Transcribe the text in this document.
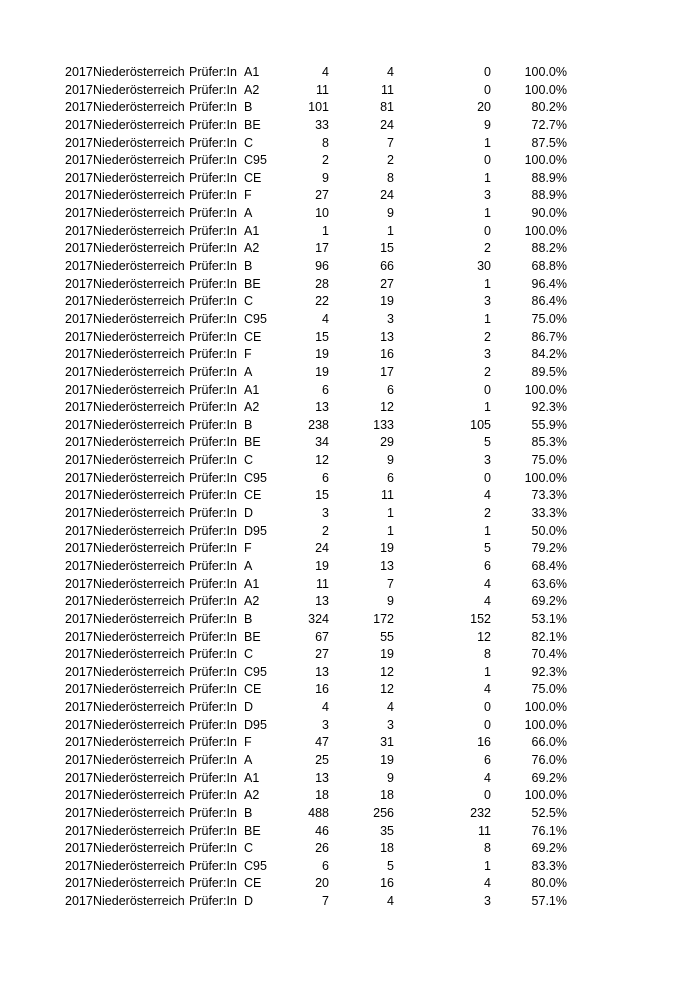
2017 Niederösterreich Prüfer:In A1	4	4	0	100.0%
2017 Niederösterreich Prüfer:In A2	11	11	0	100.0%
2017 Niederösterreich Prüfer:In B	101	81	20	80.2%
2017 Niederösterreich Prüfer:In BE	33	24	9	72.7%
2017 Niederösterreich Prüfer:In C	8	7	1	87.5%
2017 Niederösterreich Prüfer:In C95	2	2	0	100.0%
2017 Niederösterreich Prüfer:In CE	9	8	1	88.9%
2017 Niederösterreich Prüfer:In F	27	24	3	88.9%
2017 Niederösterreich Prüfer:In A	10	9	1	90.0%
2017 Niederösterreich Prüfer:In A1	1	1	0	100.0%
2017 Niederösterreich Prüfer:In A2	17	15	2	88.2%
2017 Niederösterreich Prüfer:In B	96	66	30	68.8%
2017 Niederösterreich Prüfer:In BE	28	27	1	96.4%
2017 Niederösterreich Prüfer:In C	22	19	3	86.4%
2017 Niederösterreich Prüfer:In C95	4	3	1	75.0%
2017 Niederösterreich Prüfer:In CE	15	13	2	86.7%
2017 Niederösterreich Prüfer:In F	19	16	3	84.2%
2017 Niederösterreich Prüfer:In A	19	17	2	89.5%
2017 Niederösterreich Prüfer:In A1	6	6	0	100.0%
2017 Niederösterreich Prüfer:In A2	13	12	1	92.3%
2017 Niederösterreich Prüfer:In B	238	133	105	55.9%
2017 Niederösterreich Prüfer:In BE	34	29	5	85.3%
2017 Niederösterreich Prüfer:In C	12	9	3	75.0%
2017 Niederösterreich Prüfer:In C95	6	6	0	100.0%
2017 Niederösterreich Prüfer:In CE	15	11	4	73.3%
2017 Niederösterreich Prüfer:In D	3	1	2	33.3%
2017 Niederösterreich Prüfer:In D95	2	1	1	50.0%
2017 Niederösterreich Prüfer:In F	24	19	5	79.2%
2017 Niederösterreich Prüfer:In A	19	13	6	68.4%
2017 Niederösterreich Prüfer:In A1	11	7	4	63.6%
2017 Niederösterreich Prüfer:In A2	13	9	4	69.2%
2017 Niederösterreich Prüfer:In B	324	172	152	53.1%
2017 Niederösterreich Prüfer:In BE	67	55	12	82.1%
2017 Niederösterreich Prüfer:In C	27	19	8	70.4%
2017 Niederösterreich Prüfer:In C95	13	12	1	92.3%
2017 Niederösterreich Prüfer:In CE	16	12	4	75.0%
2017 Niederösterreich Prüfer:In D	4	4	0	100.0%
2017 Niederösterreich Prüfer:In D95	3	3	0	100.0%
2017 Niederösterreich Prüfer:In F	47	31	16	66.0%
2017 Niederösterreich Prüfer:In A	25	19	6	76.0%
2017 Niederösterreich Prüfer:In A1	13	9	4	69.2%
2017 Niederösterreich Prüfer:In A2	18	18	0	100.0%
2017 Niederösterreich Prüfer:In B	488	256	232	52.5%
2017 Niederösterreich Prüfer:In BE	46	35	11	76.1%
2017 Niederösterreich Prüfer:In C	26	18	8	69.2%
2017 Niederösterreich Prüfer:In C95	6	5	1	83.3%
2017 Niederösterreich Prüfer:In CE	20	16	4	80.0%
2017 Niederösterreich Prüfer:In D	7	4	3	57.1%
